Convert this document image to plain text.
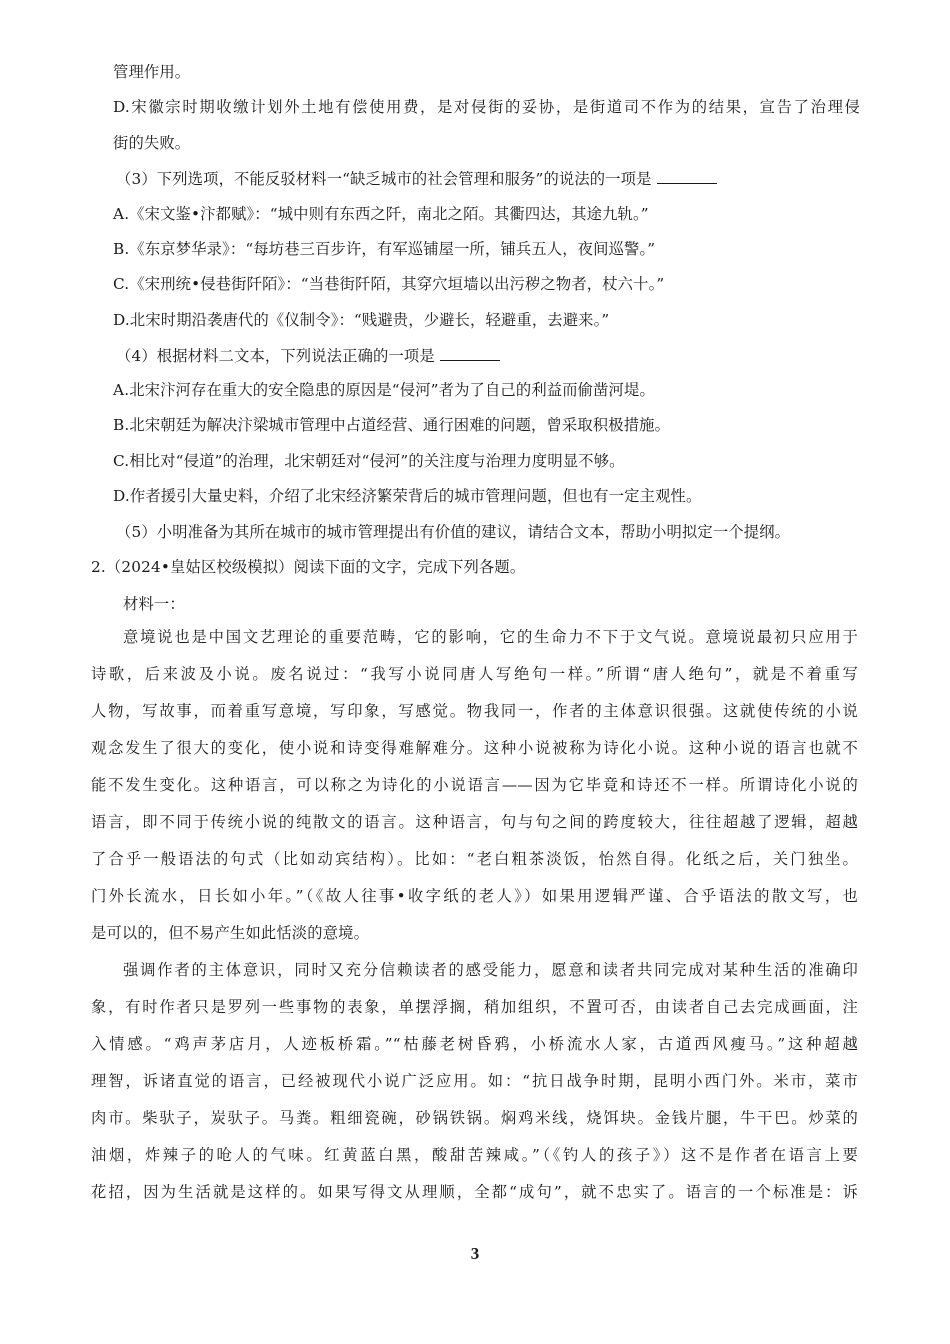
管理作用。
D.宋徽宗时期收缴计划外土地有偿使用费，是对侵街的妥协，是街道司不作为的结果，宣告了治理侵
街的失败。
（3）下列选项，不能反驳材料一“缺乏城市的社会管理和服务”的说法的一项是
A.《宋文鉴•汴都赋》：“城中则有东西之阡，南北之陌。其衢四达，其途九轨。”
B.《东京梦华录》：“每坊巷三百步许，有军巡铺屋一所，铺兵五人，夜间巡警。”
C.《宋刑统•侵巷街阡陌》：“当巷街阡陌，其穿穴垣墙以出污秽之物者，杖六十。”
D.北宋时期沿袭唐代的《仪制令》：“贱避贵，少避长，轻避重，去避来。”
（4）根据材料二文本，下列说法正确的一项是
A.北宋汴河存在重大的安全隐患的原因是“侵河”者为了自己的利益而偷凿河堤。
B.北宋朝廷为解决汴梁城市管理中占道经营、通行困难的问题，曾采取积极措施。
C.相比对“侵道”的治理，北宋朝廷对“侵河”的关注度与治理力度明显不够。
D.作者援引大量史料，介绍了北宋经济繁荣背后的城市管理问题，但也有一定主观性。
（5）小明准备为其所在城市的城市管理提出有价值的建议，请结合文本，帮助小明拟定一个提纲。
2.（2024•皇姑区校级模拟）阅读下面的文字，完成下列各题。
材料一：
意境说也是中国文艺理论的重要范畴，它的影响，它的生命力不下于文气说。意境说最初只应用于
诗歌，后来波及小说。废名说过：“我写小说同唐人写绝句一样。”所谓“唐人绝句”，就是不着重写
人物，写故事，而着重写意境，写印象，写感觉。物我同一，作者的主体意识很强。这就使传统的小说
观念发生了很大的变化，使小说和诗变得难解难分。这种小说被称为诗化小说。这种小说的语言也就不
能不发生变化。这种语言，可以称之为诗化的小说语言——因为它毕竟和诗还不一样。所谓诗化小说的
语言，即不同于传统小说的纯散文的语言。这种语言，句与句之间的跨度较大，往往超越了逻辑，超越
了合乎一般语法的句式（比如动宾结构）。比如：“老白粗茶淡饭，怡然自得。化纸之后，关门独坐。
门外长流水，日长如小年。”（《故人往事•收字纸的老人》）如果用逻辑严谨、合乎语法的散文写，也
是可以的，但不易产生如此恬淡的意境。
强调作者的主体意识，同时又充分信赖读者的感受能力，愿意和读者共同完成对某种生活的准确印
象，有时作者只是罗列一些事物的表象，单摆浮搁，稍加组织，不置可否，由读者自己去完成画面，注
入情感。“鸡声茅店月，人迹板桥霜。”“枯藤老树昏鸦，小桥流水人家，古道西风瘦马。”这种超越
理智，诉诸直觉的语言，已经被现代小说广泛应用。如：“抗日战争时期，昆明小西门外。米市，菜市
肉市。柴驮子，炭驮子。马粪。粗细瓷碗，砂锅铁锅。焖鸡米线，烧饵块。金钱片腿，牛干巴。炒菜的
油烟，炸辣子的呛人的气味。红黄蓝白黑，酸甜苦辣咸。”（《钓人的孩子》）这不是作者在语言上要
花招，因为生活就是这样的。如果写得文从理顺，全都“成句”，就不忠实了。语言的一个标准是：诉
3
